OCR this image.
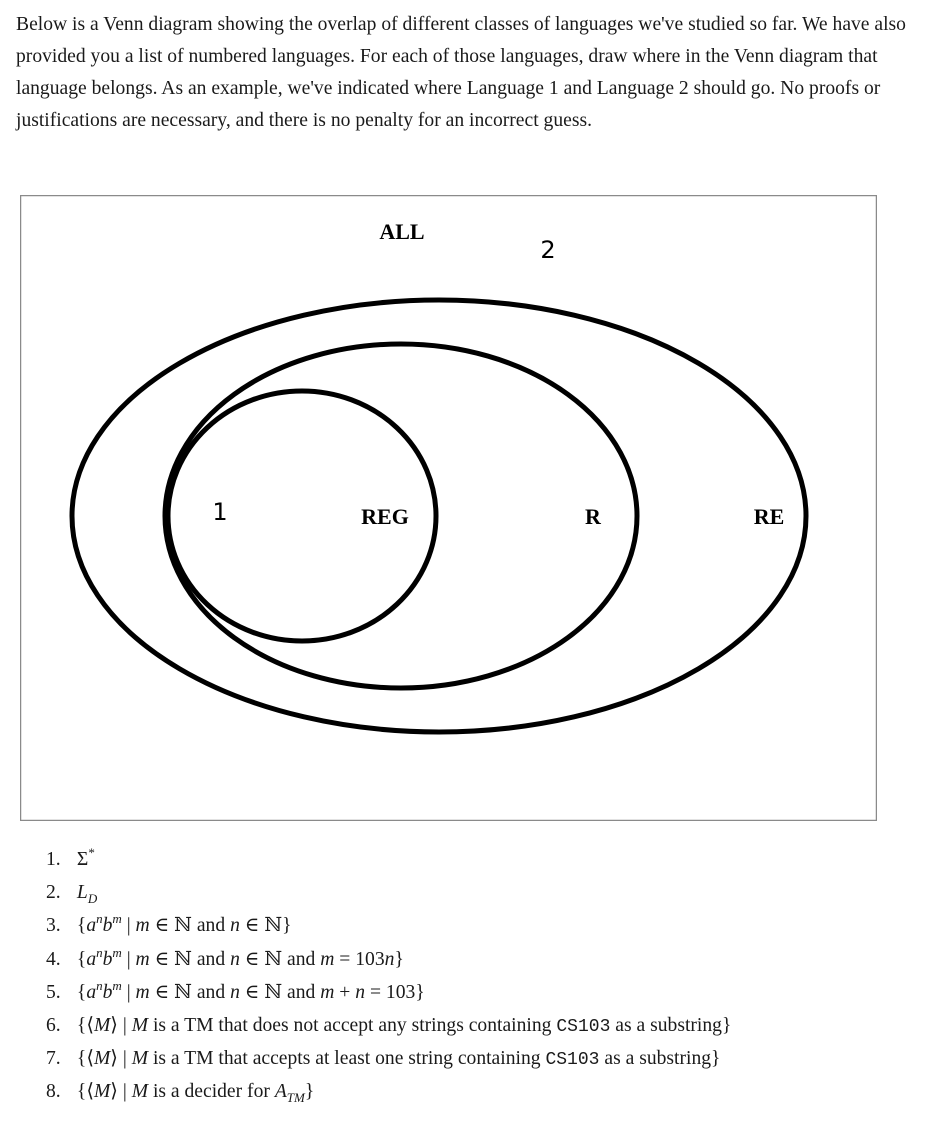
Below is a Venn diagram showing the overlap of different classes of languages we've studied so far. We have also provided you a list of numbered languages. For each of those languages, draw where in the Venn diagram that language belongs. As an example, we've indicated where Language 1 and Language 2 should go. No proofs or justifications are necessary, and there is no penalty for an incorrect guess.

ALL
REG	R	RE
1
2
1. Σ*
2. $L_D$
3. {$a^nb^m$ | m ∈ ℕ and n ∈ ℕ}
4. {$a^nb^m$ | m ∈ ℕ and n ∈ ℕ and m = 103n}
5. {$a^nb^m$ | m ∈ ℕ and n ∈ ℕ and m + n = 103}
6. {⟨M⟩ | M is a TM that does not accept any strings containing CS103 as a substring}
7. {⟨M⟩ | M is a TM that accepts at least one string containing CS103 as a substring}
8. {⟨M⟩ | M is a decider for $A_{TM}$}
